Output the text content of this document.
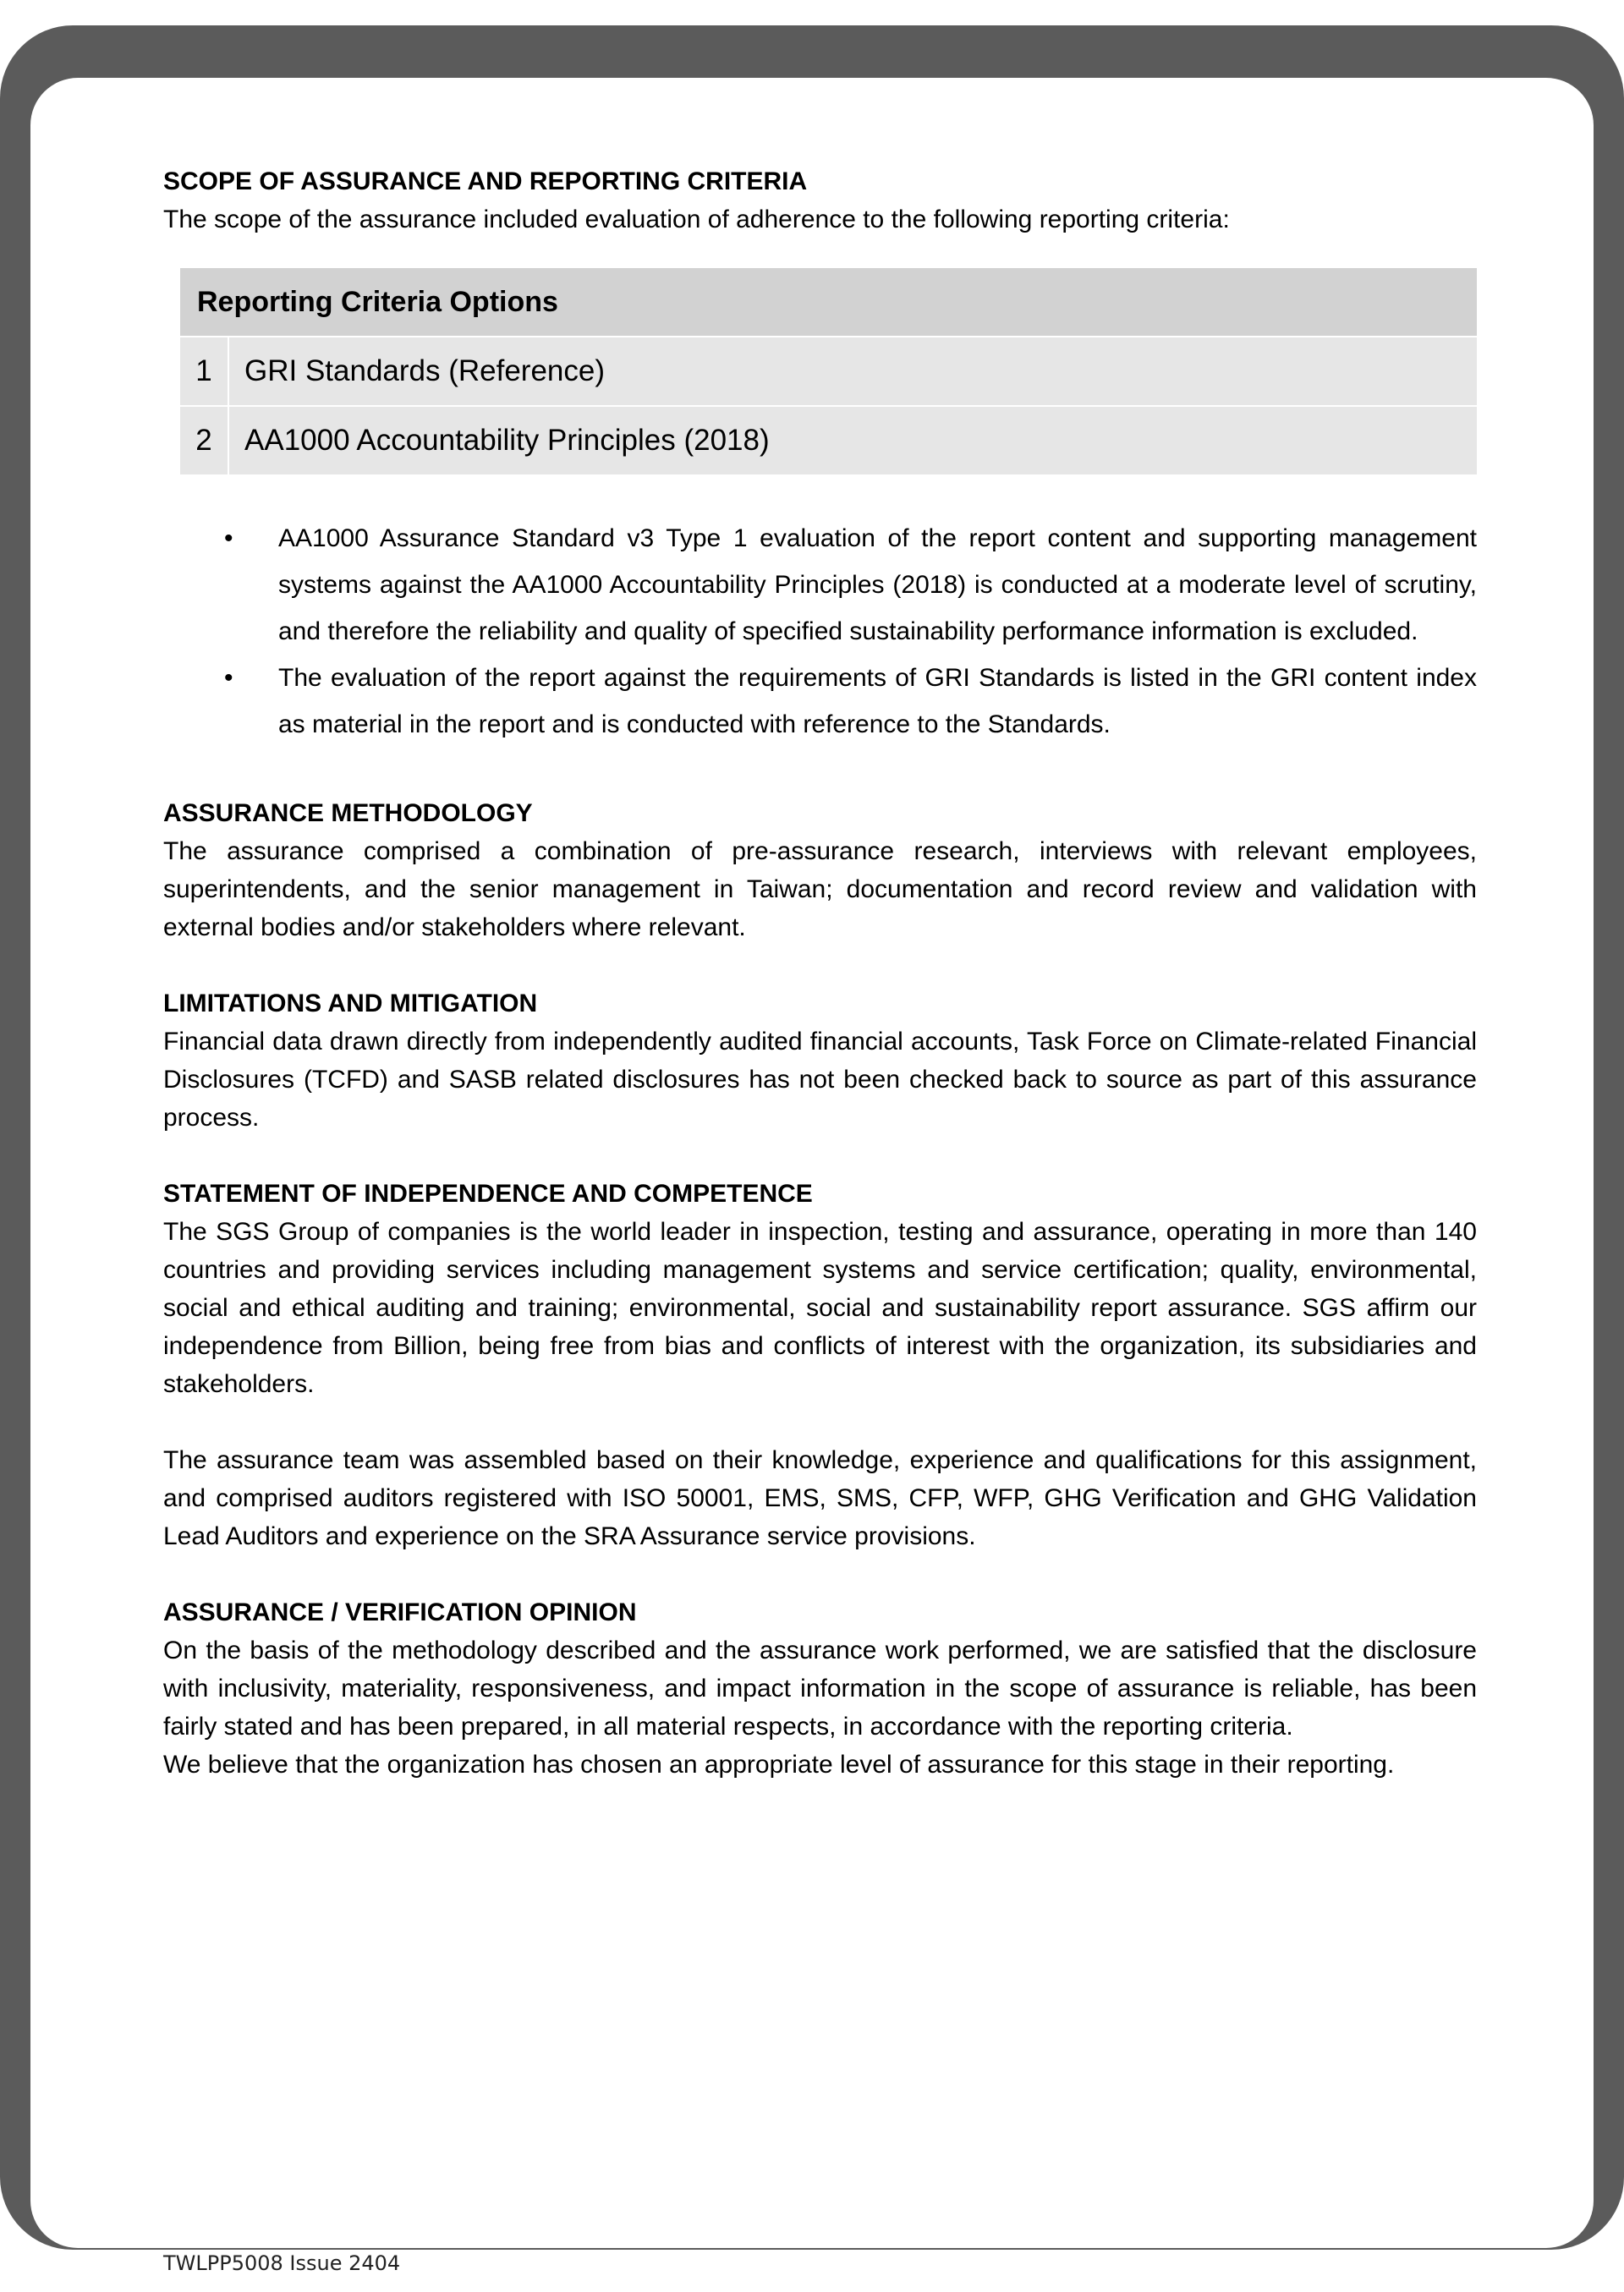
SCOPE OF ASSURANCE AND REPORTING CRITERIA

The scope of the assurance included evaluation of adherence to the following reporting criteria:

Reporting Criteria Options	
1	GRI Standards (Reference)
2	AA1000 Accountability Principles (2018)
• AA1000 Assurance Standard v3 Type 1 evaluation of the report content and supporting management systems against the AA1000 Accountability Principles (2018) is conducted at a moderate level of scrutiny, and therefore the reliability and quality of specified sustainability performance information is excluded.
• The evaluation of the report against the requirements of GRI Standards is listed in the GRI content index as material in the report and is conducted with reference to the Standards.

ASSURANCE METHODOLOGY

The assurance comprised a combination of pre-assurance research, interviews with relevant employees, superintendents, and the senior management in Taiwan; documentation and record review and validation with external bodies and/or stakeholders where relevant.

LIMITATIONS AND MITIGATION

Financial data drawn directly from independently audited financial accounts, Task Force on Climate-related Financial Disclosures (TCFD) and SASB related disclosures has not been checked back to source as part of this assurance process.

STATEMENT OF INDEPENDENCE AND COMPETENCE

The SGS Group of companies is the world leader in inspection, testing and assurance, operating in more than 140 countries and providing services including management systems and service certification; quality, environmental, social and ethical auditing and training; environmental, social and sustainability report assurance. SGS affirm our independence from Billion, being free from bias and conflicts of interest with the organization, its subsidiaries and stakeholders.

The assurance team was assembled based on their knowledge, experience and qualifications for this assignment, and comprised auditors registered with ISO 50001, EMS, SMS, CFP, WFP, GHG Verification and GHG Validation Lead Auditors and experience on the SRA Assurance service provisions.

ASSURANCE / VERIFICATION OPINION

On the basis of the methodology described and the assurance work performed, we are satisfied that the disclosure with inclusivity, materiality, responsiveness, and impact information in the scope of assurance is reliable, has been fairly stated and has been prepared, in all material respects, in accordance with the reporting criteria.

We believe that the organization has chosen an appropriate level of assurance for this stage in their reporting.

TWLPP5008 Issue 2404
